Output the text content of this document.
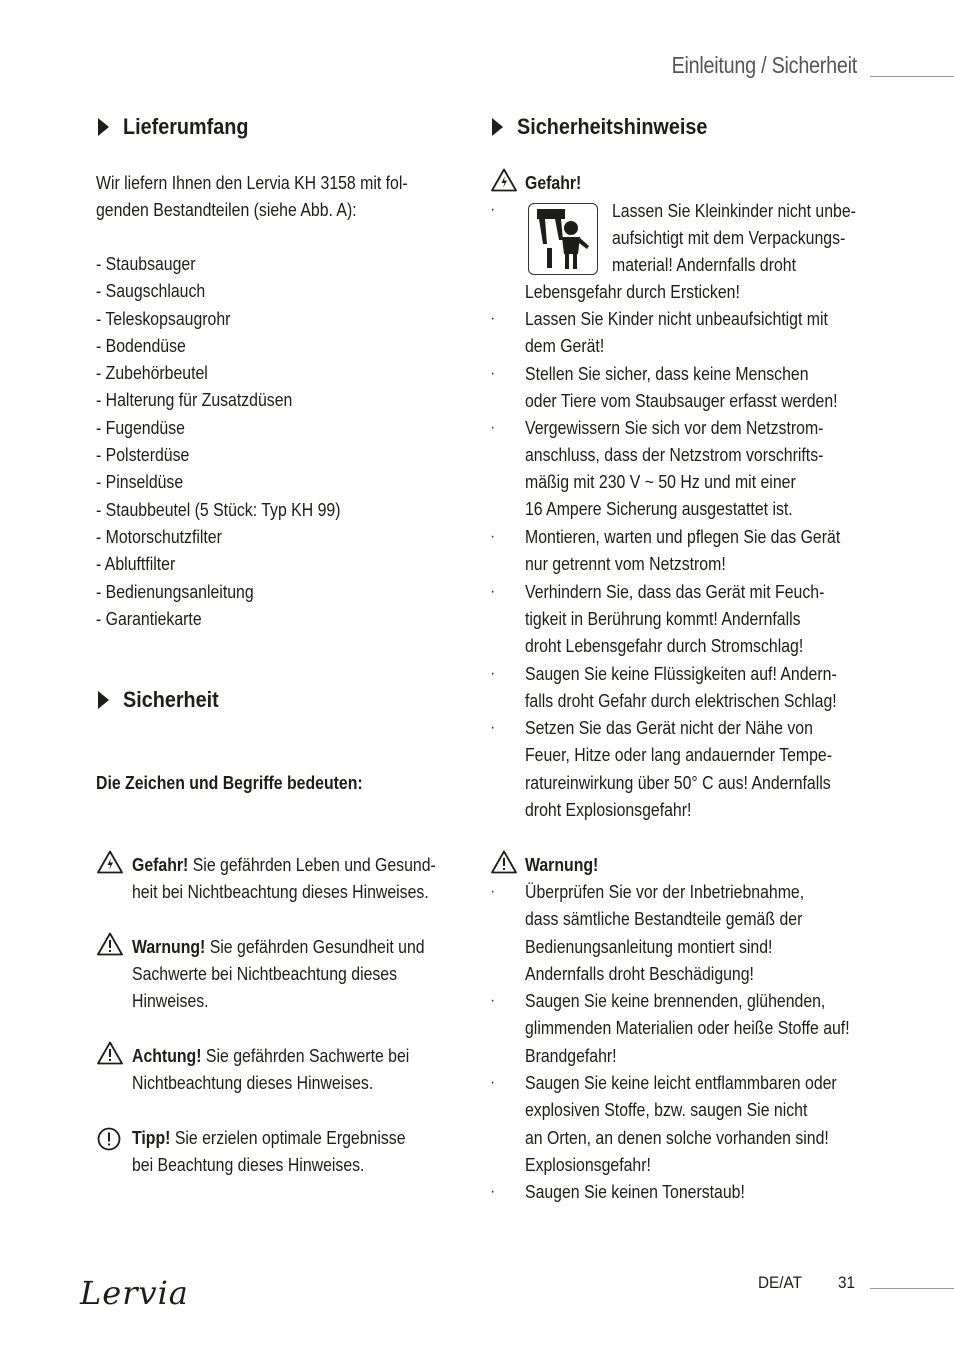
Einleitung / Sicherheit
Lieferumfang
Wir liefern Ihnen den Lervia KH 3158 mit fol-
genden Bestandteilen (siehe Abb. A):
- Staubsauger
- Saugschlauch
- Teleskopsaugrohr
- Bodendüse
- Zubehörbeutel
- Halterung für Zusatzdüsen
- Fugendüse
- Polsterdüse
- Pinseldüse
- Staubbeutel (5 Stück: Typ KH 99)
- Motorschutzfilter
- Abluftfilter
- Bedienungsanleitung
- Garantiekarte
Sicherheit
Die Zeichen und Begriffe bedeuten:
Gefahr! Sie gefährden Leben und Gesund-
heit bei Nichtbeachtung dieses Hinweises.
Warnung! Sie gefährden Gesundheit und
Sachwerte bei Nichtbeachtung dieses
Hinweises.
Achtung! Sie gefährden Sachwerte bei
Nichtbeachtung dieses Hinweises.
Tipp! Sie erzielen optimale Ergebnisse
bei Beachtung dieses Hinweises.
Sicherheitshinweise
Gefahr!
·	Lassen Sie Kleinkinder nicht unbe-
aufsichtigt mit dem Verpackungs-
material! Andernfalls droht
Lebensgefahr durch Ersticken!
· Lassen Sie Kinder nicht unbeaufsichtigt mit
dem Gerät!
· Stellen Sie sicher, dass keine Menschen
oder Tiere vom Staubsauger erfasst werden!
· Vergewissern Sie sich vor dem Netzstrom-
anschluss, dass der Netzstrom vorschrifts-
mäßig mit 230 V ~ 50 Hz und mit einer
16 Ampere Sicherung ausgestattet ist.
· Montieren, warten und pflegen Sie das Gerät
nur getrennt vom Netzstrom!
· Verhindern Sie, dass das Gerät mit Feuch-
tigkeit in Berührung kommt! Andernfalls
droht Lebensgefahr durch Stromschlag!
· Saugen Sie keine Flüssigkeiten auf! Andern-
falls droht Gefahr durch elektrischen Schlag!
· Setzen Sie das Gerät nicht der Nähe von
Feuer, Hitze oder lang andauernder Tempe-
ratureinwirkung über 50° C aus! Andernfalls
droht Explosionsgefahr!
Warnung!
· Überprüfen Sie vor der Inbetriebnahme,
dass sämtliche Bestandteile gemäß der
Bedienungsanleitung montiert sind!
Andernfalls droht Beschädigung!
· Saugen Sie keine brennenden, glühenden,
glimmenden Materialien oder heiße Stoffe auf!
Brandgefahr!
· Saugen Sie keine leicht entflammbaren oder
explosiven Stoffe, bzw. saugen Sie nicht
an Orten, an denen solche vorhanden sind!
Explosionsgefahr!
· Saugen Sie keinen Tonerstaub!
Lervia	DE/AT 31
